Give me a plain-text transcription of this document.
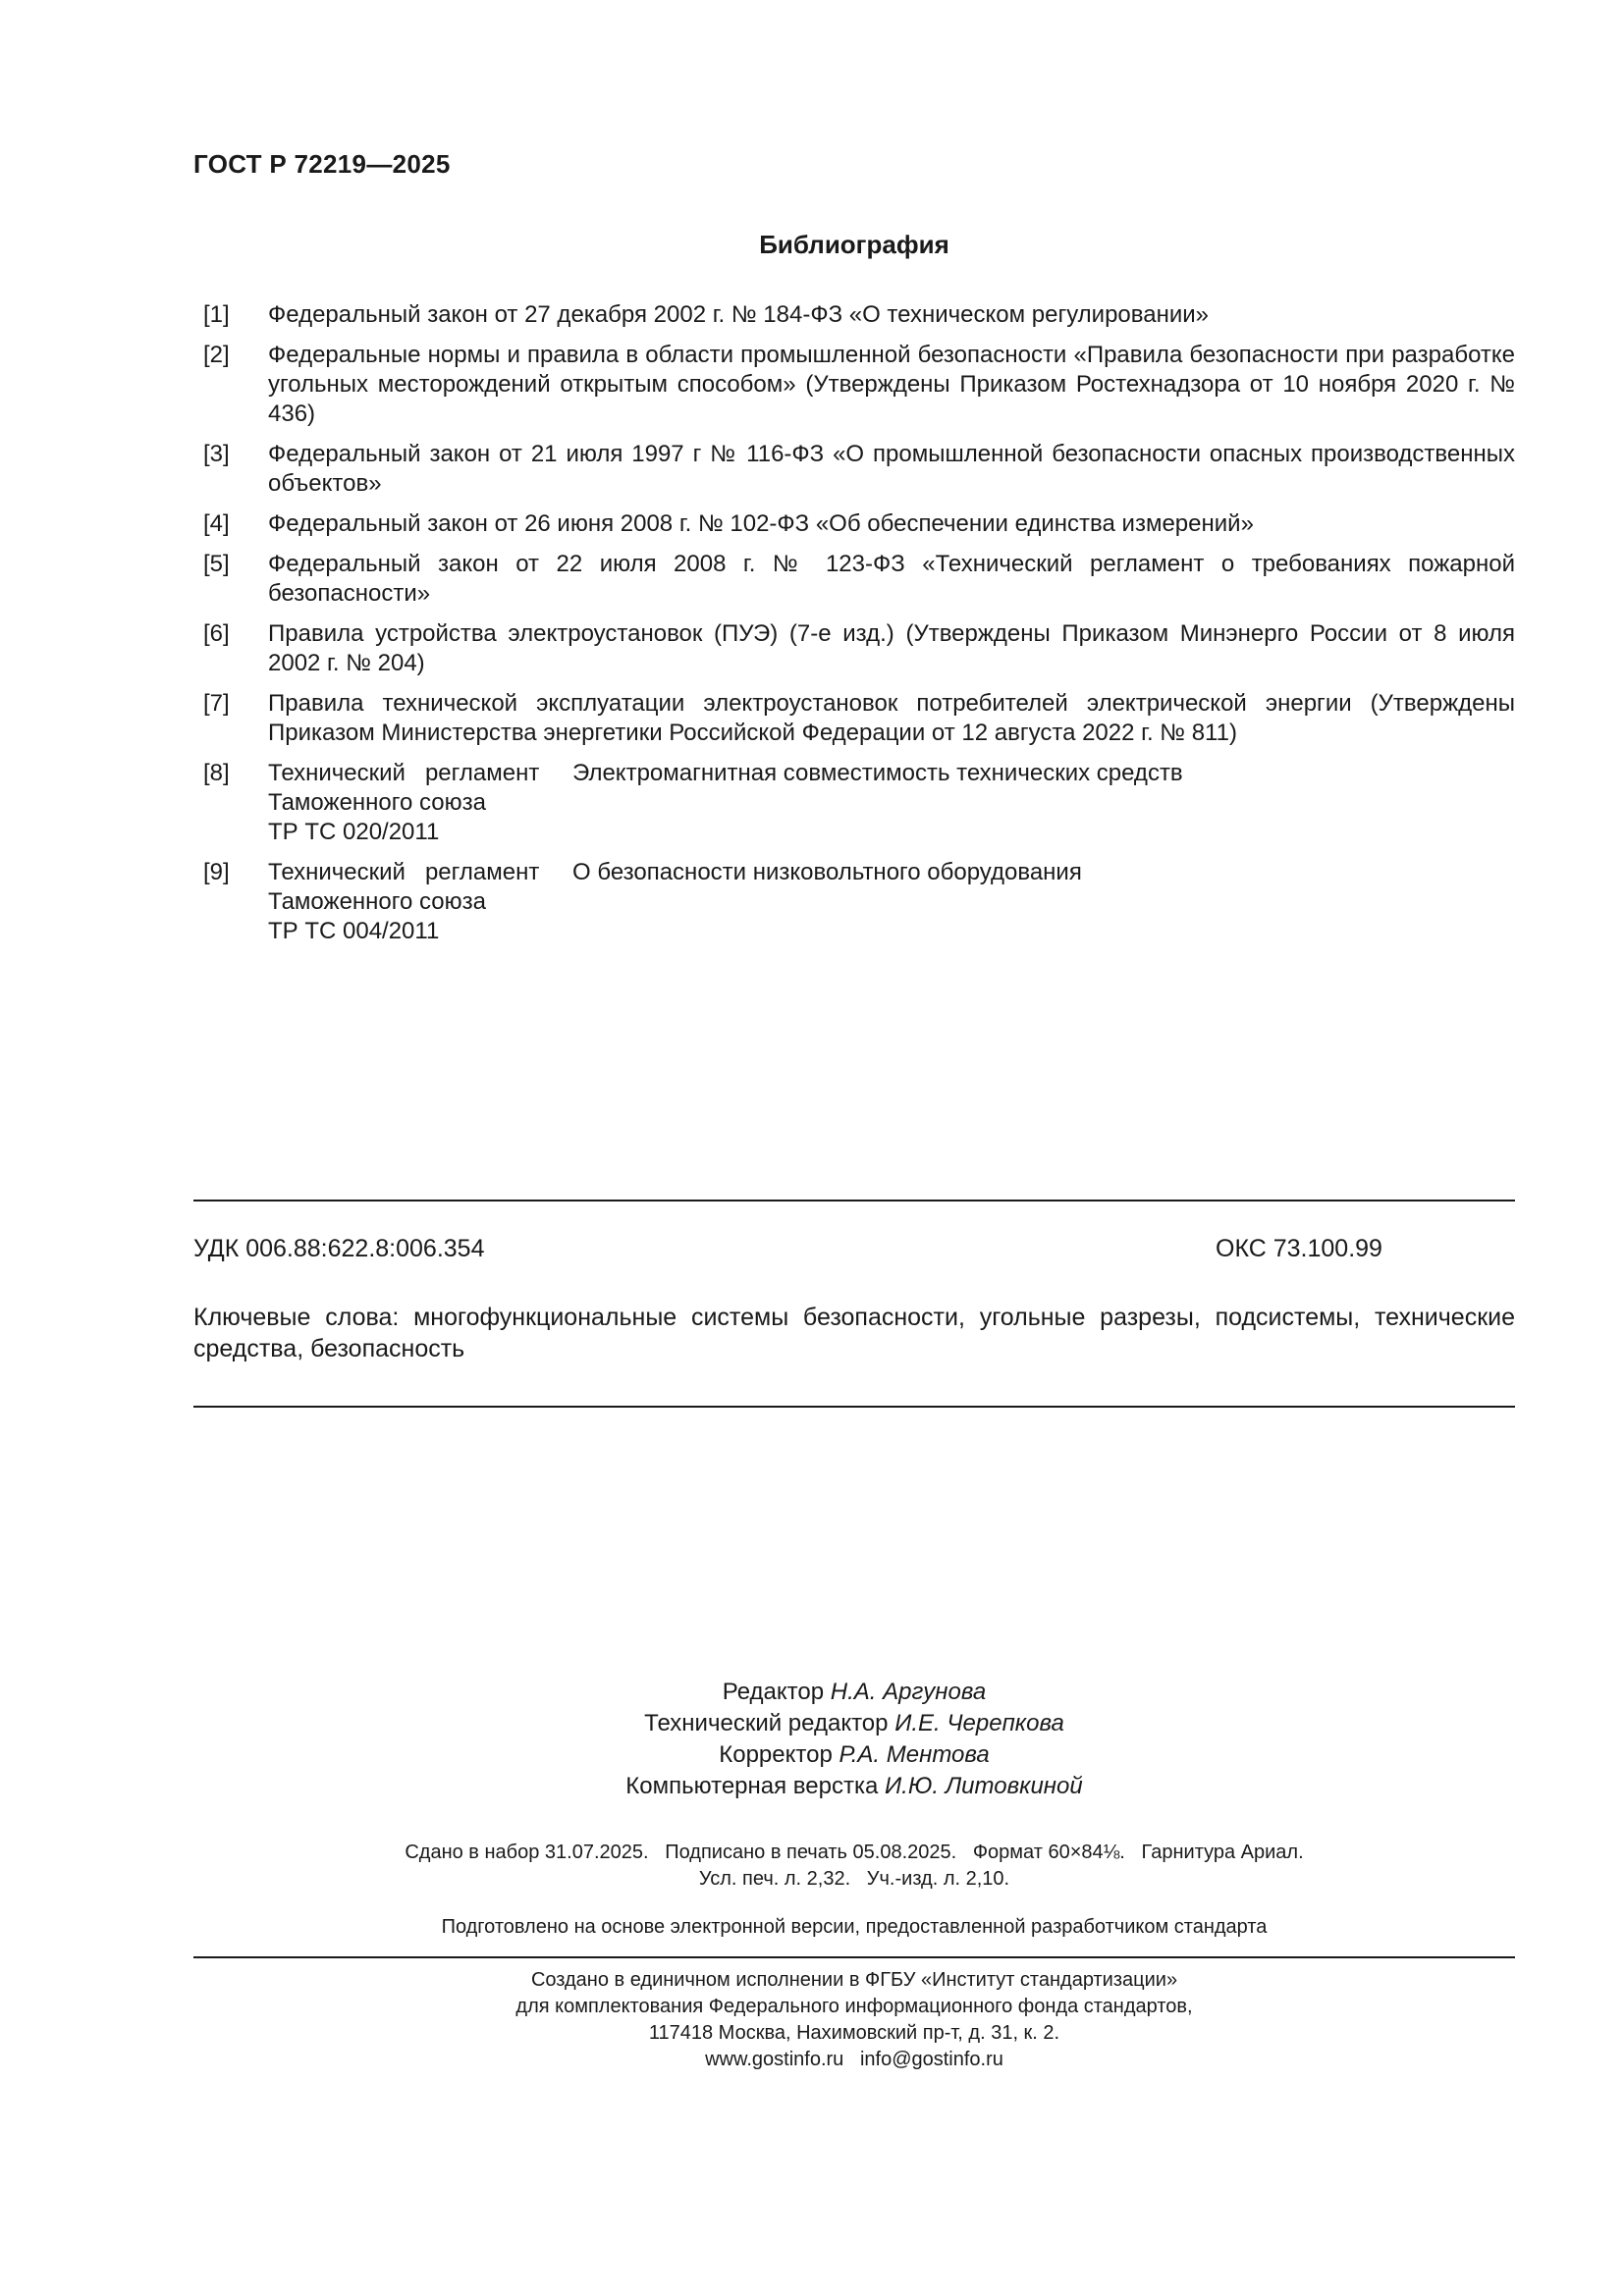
ГОСТ Р 72219—2025
Библиография
[1]	Федеральный закон от 27 декабря 2002 г. № 184-ФЗ «О техническом регулировании»
[2]	Федеральные нормы и правила в области промышленной безопасности «Правила безопасности при разработке угольных месторождений открытым способом» (Утверждены Приказом Ростехнадзора от 10 ноября 2020 г. № 436)
[3]	Федеральный закон от 21 июля 1997 г № 116-ФЗ «О промышленной безопасности опасных производственных объектов»
[4]	Федеральный закон от 26 июня 2008 г. № 102-ФЗ «Об обеспечении единства измерений»
[5]	Федеральный закон от 22 июля 2008 г. № 123-ФЗ «Технический регламент о требованиях пожарной безопасности»
[6]	Правила устройства электроустановок (ПУЭ) (7-е изд.) (Утверждены Приказом Минэнерго России от 8 июля 2002 г. № 204)
[7]	Правила технической эксплуатации электроустановок потребителей электрической энергии (Утверждены Приказом Министерства энергетики Российской Федерации от 12 августа 2022 г. № 811)
[8]	Технический   регламент	Электромагнитная совместимость технических средств
Таможенного союза
ТР ТС 020/2011
[9]	Технический   регламент	О безопасности низковольтного оборудования
Таможенного союза
ТР ТС 004/2011
УДК 006.88:622.8:006.354	ОКС 73.100.99
Ключевые слова: многофункциональные системы безопасности, угольные разрезы, подсистемы, технические средства, безопасность
Редактор Н.А. Аргунова
Технический редактор И.Е. Черепкова
Корректор Р.А. Ментова
Компьютерная верстка И.Ю. Литовкиной
Сдано в набор 31.07.2025.   Подписано в печать 05.08.2025.   Формат 60×84⅛.   Гарнитура Ариал.
Усл. печ. л. 2,32.   Уч.-изд. л. 2,10.
Подготовлено на основе электронной версии, предоставленной разработчиком стандарта
Создано в единичном исполнении в ФГБУ «Институт стандартизации»
для комплектования Федерального информационного фонда стандартов,
117418 Москва, Нахимовский пр-т, д. 31, к. 2.
www.gostinfo.ru   info@gostinfo.ru
